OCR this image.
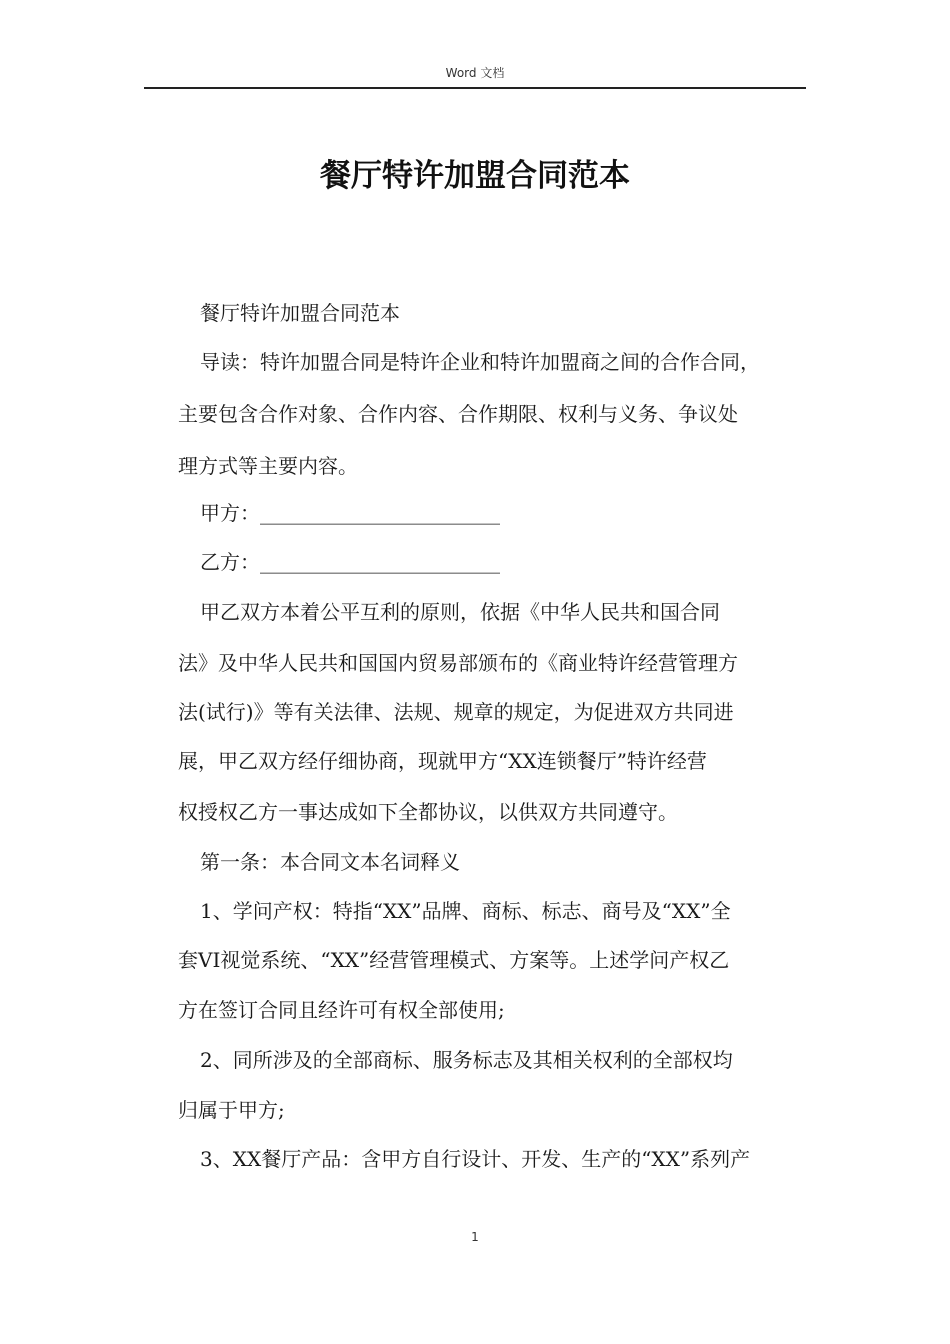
Word 文档
餐厅特许加盟合同范本
餐厅特许加盟合同范本
导读：特许加盟合同是特许企业和特许加盟商之间的合作合同，
主要包含合作对象、合作内容、合作期限、权利与义务、争议处
理方式等主要内容。
甲方：________________________
乙方：________________________
甲乙双方本着公平互利的原则，依据《中华人民共和国合同
法》及中华人民共和国国内贸易部颁布的《商业特许经营管理方
法(试行)》等有关法律、法规、规章的规定，为促进双方共同进
展，甲乙双方经仔细协商，现就甲方“XX连锁餐厅”特许经营
权授权乙方一事达成如下全都协议，以供双方共同遵守。
第一条：本合同文本名词释义
1、学问产权：特指“XX”品牌、商标、标志、商号及“XX”全
套VI视觉系统、“XX”经营管理模式、方案等。上述学问产权乙
方在签订合同且经许可有权全部使用;
2、同所涉及的全部商标、服务标志及其相关权利的全部权均
归属于甲方;
3、XX餐厅产品：含甲方自行设计、开发、生产的“XX”系列产
1
